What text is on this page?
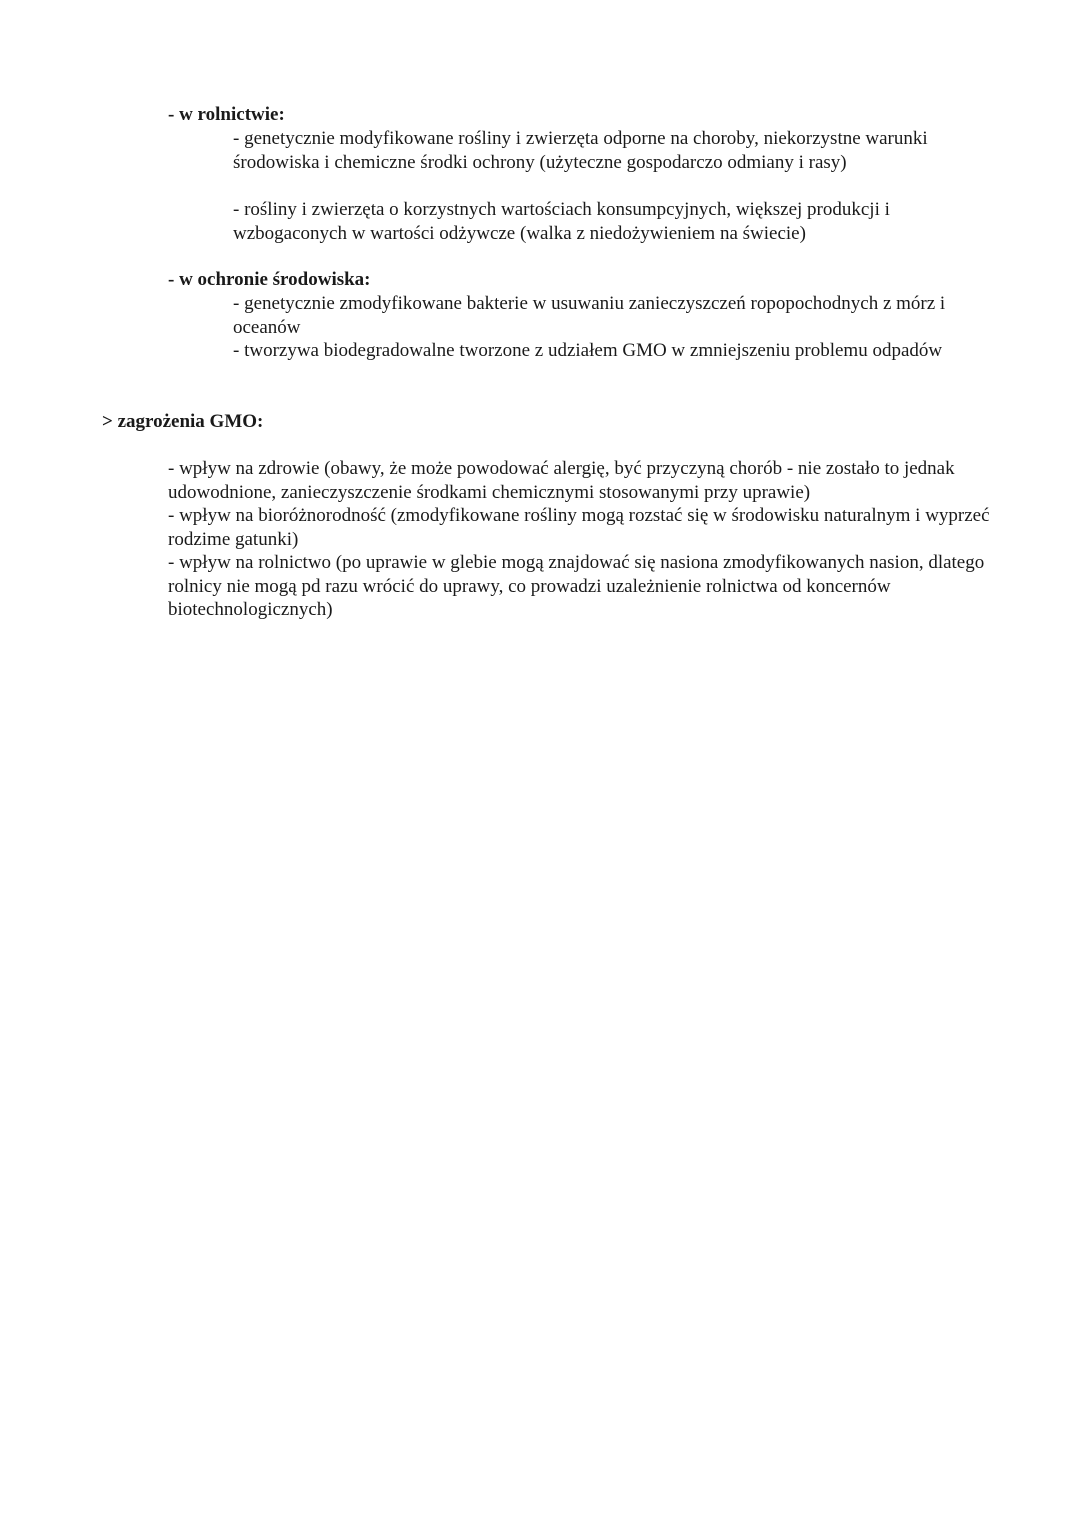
- w rolnictwie:
- genetycznie modyfikowane rośliny i zwierzęta odporne na choroby, niekorzystne warunki środowiska i chemiczne środki ochrony (użyteczne gospodarczo odmiany i rasy)
- rośliny i zwierzęta o korzystnych wartościach konsumpcyjnych, większej produkcji i wzbogaconych w wartości odżywcze (walka z niedożywieniem na świecie)
- w ochronie środowiska:
- genetycznie zmodyfikowane bakterie w usuwaniu zanieczyszczeń ropopochodnych z mórz i oceanów
- tworzywa biodegradowalne tworzone z udziałem GMO w zmniejszeniu problemu odpadów
> zagrożenia GMO:
- wpływ na zdrowie (obawy, że może powodować alergię, być przyczyną chorób - nie zostało to jednak udowodnione, zanieczyszczenie środkami chemicznymi stosowanymi przy uprawie)
- wpływ na bioróżnorodność (zmodyfikowane rośliny mogą rozstać się w środowisku naturalnym i wyprzeć rodzime gatunki)
- wpływ na rolnictwo (po uprawie w glebie mogą znajdować się nasiona zmodyfikowanych nasion, dlatego rolnicy nie mogą pd razu wrócić do uprawy, co prowadzi uzależnienie rolnictwa od koncernów biotechnologicznych)
